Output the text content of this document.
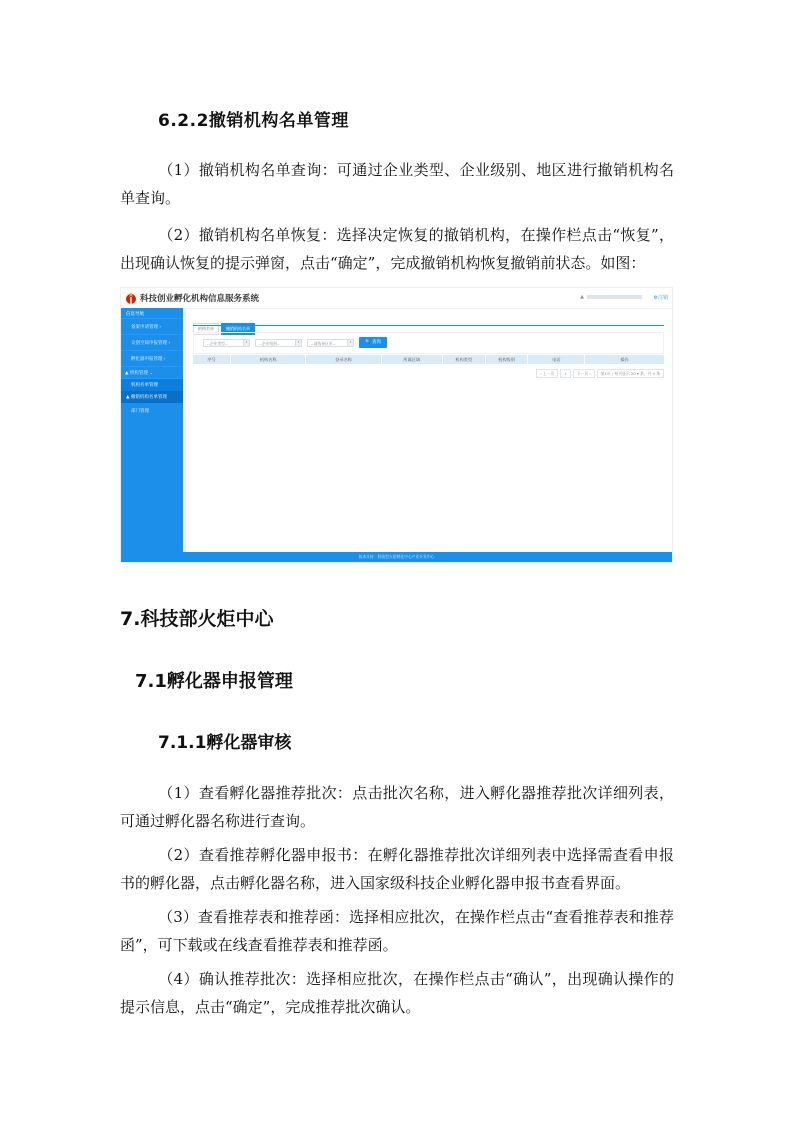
6.2.2撤销机构名单管理
（1）撤销机构名单查询：可通过企业类型、企业级别、地区进行撤销机构名单查询。
（2）撤销机构名单恢复：选择决定恢复的撤销机构，在操作栏点击“恢复”，出现确认恢复的提示弹窗，点击“确定”，完成撤销机构恢复撤销前状态。如图：
科技创业孵化机构信息服务系统	▲	⚙注销
信息导航
备案申请管理 ›
众创空间申报管理 ›
孵化器申报管理 ›
▲ 机构管理 ⌄
机构名单管理
▲ 撤销机构名单管理
部门管理
机构名单	撤销机构名单
--企业类型--	▾	--企业级别--	▾	--请选择区市--	▾	🔍 查询
序号	机构名称	登录名称	所属区域	机构类型	机构级别	电话	操作
‹ 上一页	1	下一页 ›	第1页 / 每页显示 20 ▾ 条，共 0 条
技术支持：科技型火炬孵化中心产业开发中心
7.科技部火炬中心
7.1孵化器申报管理
7.1.1孵化器审核
（1）查看孵化器推荐批次：点击批次名称，进入孵化器推荐批次详细列表，可通过孵化器名称进行查询。
（2）查看推荐孵化器申报书：在孵化器推荐批次详细列表中选择需查看申报书的孵化器，点击孵化器名称，进入国家级科技企业孵化器申报书查看界面。
（3）查看推荐表和推荐函：选择相应批次，在操作栏点击“查看推荐表和推荐函”，可下载或在线查看推荐表和推荐函。
（4）确认推荐批次：选择相应批次，在操作栏点击“确认”，出现确认操作的提示信息，点击“确定”，完成推荐批次确认。
